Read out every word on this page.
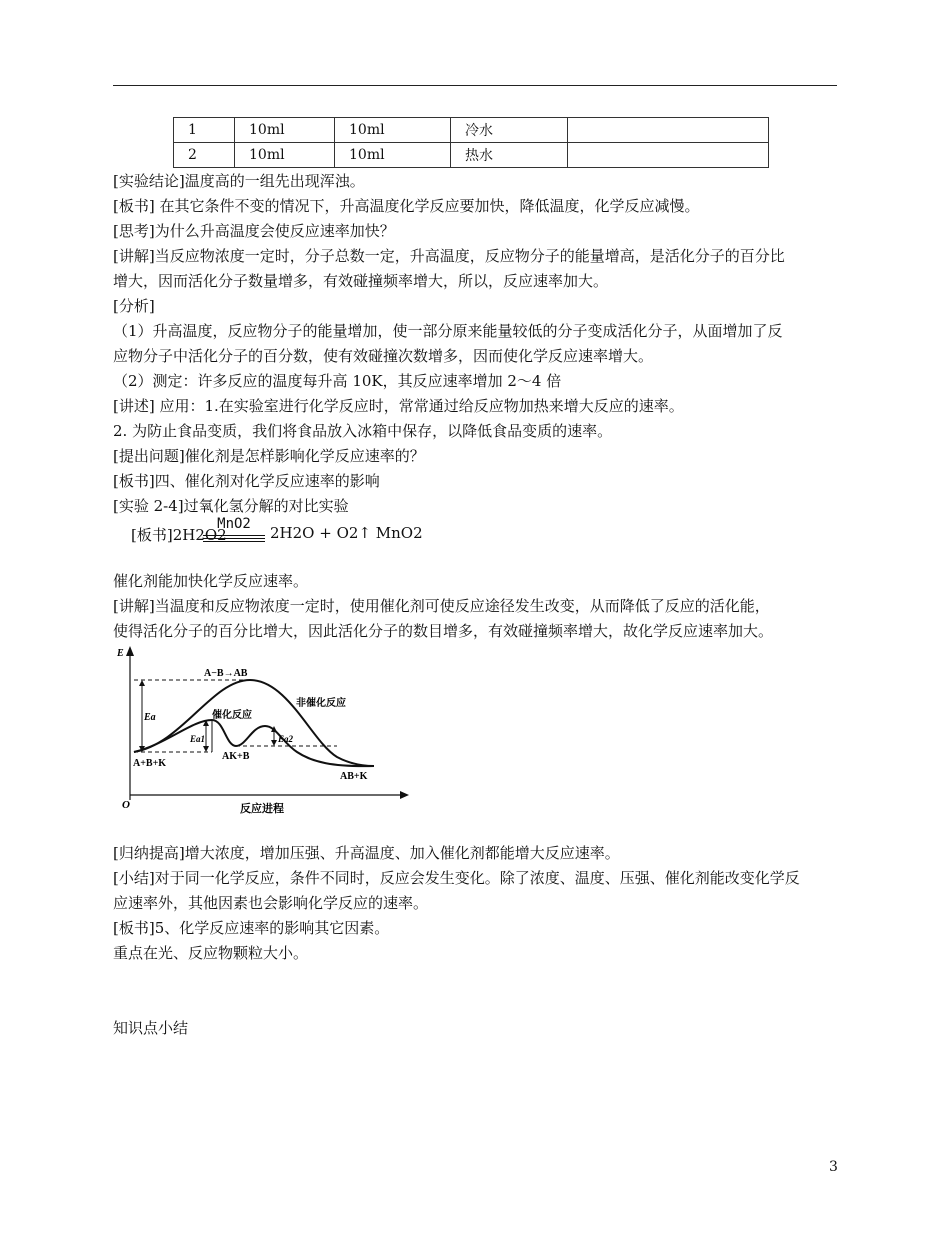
1	10ml	10ml	冷水	
2	10ml	10ml	热水	
[实验结论]温度高的一组先出现浑浊。
[板书] 在其它条件不变的情况下，升高温度化学反应要加快，降低温度，化学反应减慢。
[思考]为什么升高温度会使反应速率加快？
[讲解]当反应物浓度一定时，分子总数一定，升高温度，反应物分子的能量增高，是活化分子的百分比
增大，因而活化分子数量增多，有效碰撞频率增大，所以，反应速率加大。
[分析]
（1）升高温度，反应物分子的能量增加，使一部分原来能量较低的分子变成活化分子，从面增加了反
应物分子中活化分子的百分数，使有效碰撞次数增多，因而使化学反应速率增大。
（2）测定：许多反应的温度每升高 10K，其反应速率增加 2～4 倍
[讲述] 应用：1.在实验室进行化学反应时，常常通过给反应物加热来增大反应的速率。
2. 为防止食品变质，我们将食品放入冰箱中保存，以降低食品变质的速率。
[提出问题]催化剂是怎样影响化学反应速率的？
[板书]四、催化剂对化学反应速率的影响
[实验 2-4]过氧化氢分解的对比实验
[板书]2H2O2
MnO2	2H2O + O2↑ MnO2
催化剂能加快化学反应速率。
[讲解]当温度和反应物浓度一定时，使用催化剂可使反应途径发生改变，从而降低了反应的活化能，
使得活化分子的百分比增大，因此活化分子的数目增多，有效碰撞频率增大，故化学反应速率加大。
E
O	反应进程
Ea
Ea1	Ea2
A−B→AB
非催化反应
催化反应
AK+B
A+B+K
AB+K
[归纳提高]增大浓度，增加压强、升高温度、加入催化剂都能增大反应速率。
[小结]对于同一化学反应，条件不同时，反应会发生变化。除了浓度、温度、压强、催化剂能改变化学反
应速率外，其他因素也会影响化学反应的速率。
[板书]5、化学反应速率的影响其它因素。
重点在光、反应物颗粒大小。
知识点小结
3
